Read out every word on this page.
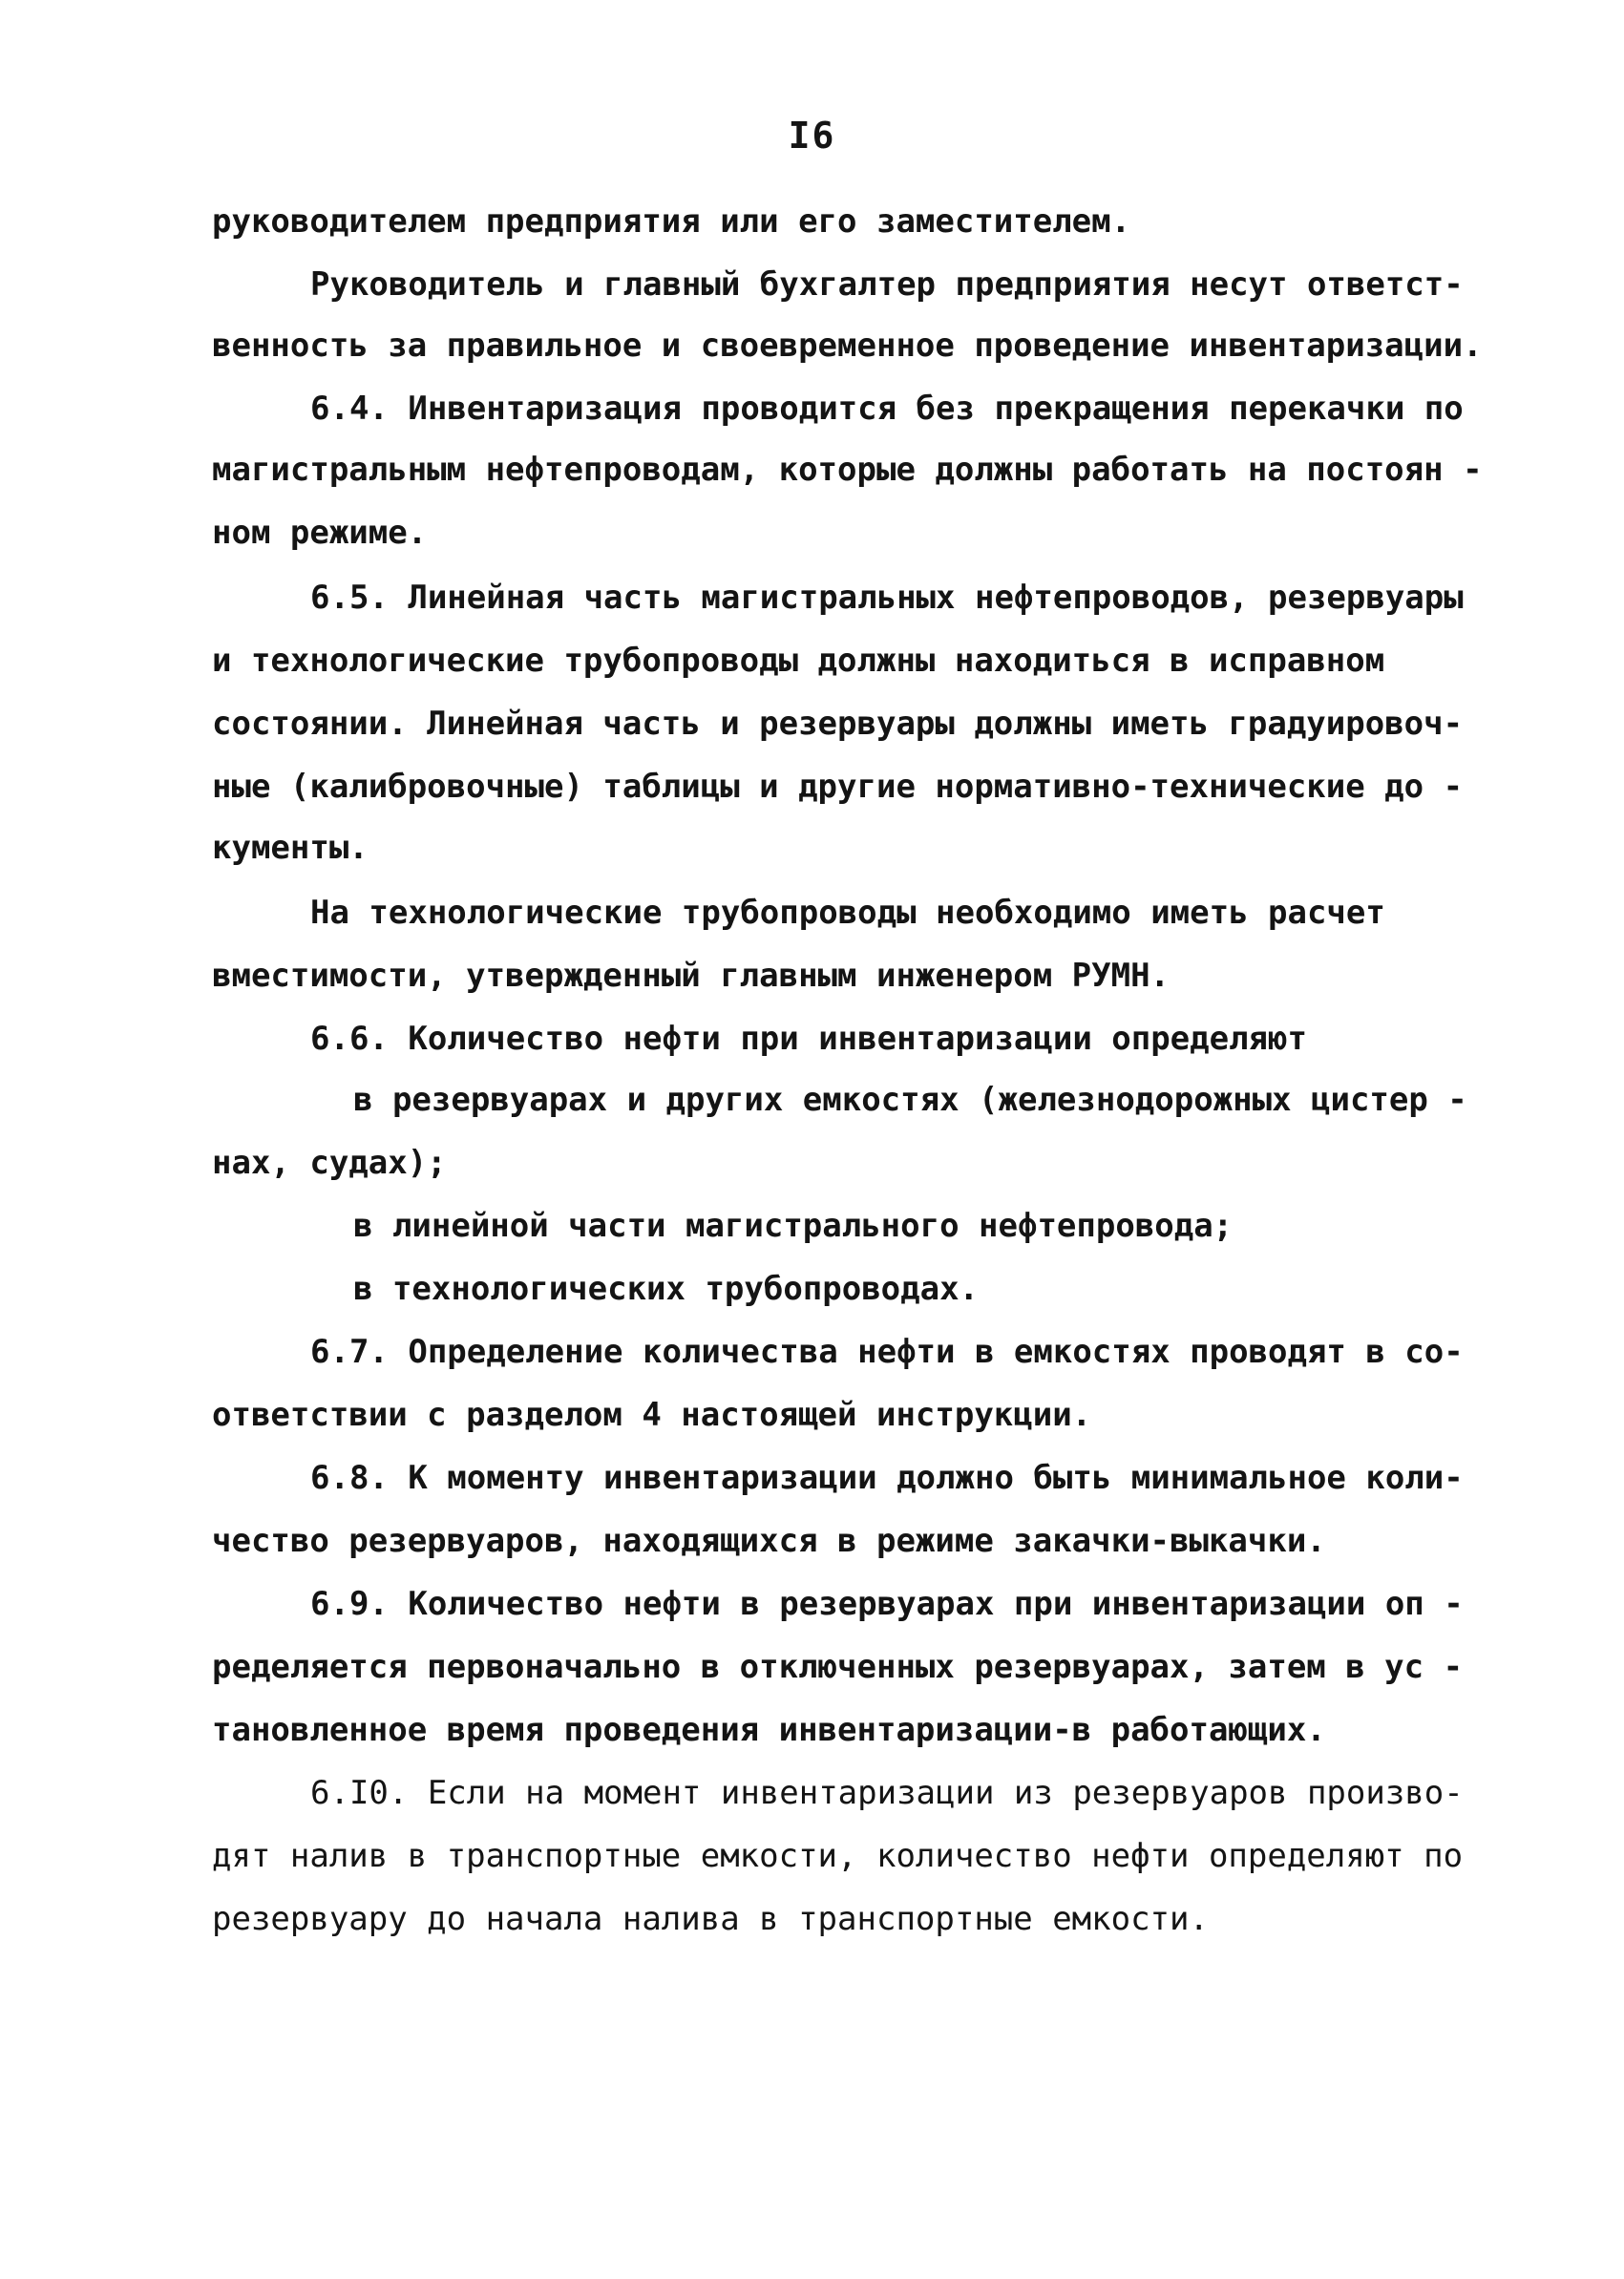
I6
руководителем предприятия или его заместителем.
Руководитель и главный бухгалтер предприятия несут ответст-
венность за правильное и своевременное проведение инвентаризации.
6.4. Инвентаризация проводится без прекращения перекачки по
магистральным нефтепроводам, которые должны работать на постоян -
ном режиме.
6.5. Линейная часть магистральных нефтепроводов, резервуары
и технологические трубопроводы должны находиться в исправном
состоянии. Линейная часть и резервуары должны иметь градуировоч-
ные (калибровочные) таблицы и другие нормативно-технические до -
кументы.
На технологические трубопроводы необходимо иметь расчет
вместимости, утвержденный главным инженером РУМН.
6.6. Количество нефти при инвентаризации определяют
в резервуарах и других емкостях (железнодорожных цистер -
нах, судах);
в линейной части магистрального нефтепровода;
в технологических трубопроводах.
6.7. Определение количества нефти в емкостях проводят в со-
ответствии с разделом 4 настоящей инструкции.
6.8. К моменту инвентаризации должно быть минимальное коли-
чество резервуаров, находящихся в режиме закачки-выкачки.
6.9. Количество нефти в резервуарах при инвентаризации оп -
ределяется первоначально в отключенных резервуарах, затем в ус -
тановленное время проведения инвентаризации-в работающих.
6.I0. Если на момент инвентаризации из резервуаров произво-
дят налив в транспортные емкости, количество нефти определяют по
резервуару до начала налива в транспортные емкости.
